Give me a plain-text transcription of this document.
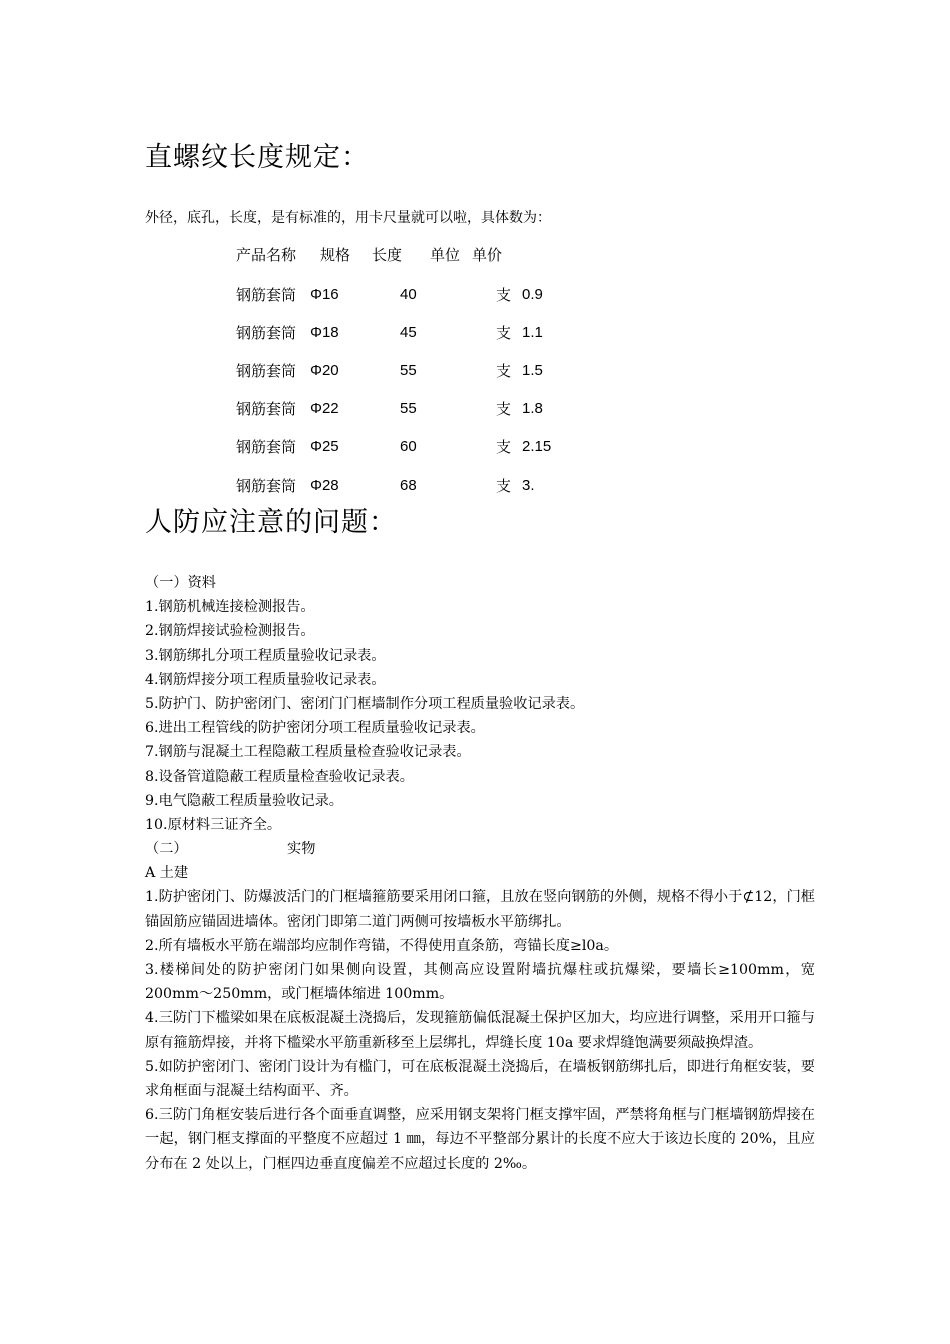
直螺纹长度规定：
外径，底孔，长度，是有标准的，用卡尺量就可以啦，具体数为：
产品名称 规格 长度 单位 单价
钢筋套筒 Φ16	40	支 0.9
钢筋套筒 Φ18	45	支 1.1
钢筋套筒 Φ20	55	支 1.5
钢筋套筒 Φ22	55	支 1.8
钢筋套筒 Φ25	60	支 2.15
钢筋套筒 Φ28	68	支 3.
人防应注意的问题：
（一）资料
1.钢筋机械连接检测报告。
2.钢筋焊接试验检测报告。
3.钢筋绑扎分项工程质量验收记录表。
4.钢筋焊接分项工程质量验收记录表。
5.防护门、防护密闭门、密闭门门框墙制作分项工程质量验收记录表。
6.进出工程管线的防护密闭分项工程质量验收记录表。
7.钢筋与混凝土工程隐蔽工程质量检查验收记录表。
8.设备管道隐蔽工程质量检查验收记录表。
9.电气隐蔽工程质量验收记录。
10.原材料三证齐全。
（二）	实物
A 土建
1.防护密闭门、防爆波活门的门框墙箍筋要采用闭口箍，且放在竖向钢筋的外侧，规格不得小于⊄12，门框锚固筋应锚固进墙体。密闭门即第二道门两侧可按墙板水平筋绑扎。
2.所有墙板水平筋在端部均应制作弯锚，不得使用直条筋，弯锚长度≥l0a。
3.楼梯间处的防护密闭门如果侧向设置，其侧高应设置附墙抗爆柱或抗爆梁，要墙长≥100mm，宽 200mm～250mm，或门框墙体缩进 100mm。
4.三防门下槛梁如果在底板混凝土浇捣后，发现箍筋偏低混凝土保护区加大，均应进行调整，采用开口箍与原有箍筋焊接，并将下槛梁水平筋重新移至上层绑扎，焊缝长度 10a 要求焊缝饱满要须敲换焊渣。
5.如防护密闭门、密闭门设计为有槛门，可在底板混凝土浇捣后，在墙板钢筋绑扎后，即进行角框安装，要求角框面与混凝土结构面平、齐。
6.三防门角框安装后进行各个面垂直调整，应采用钢支架将门框支撑牢固，严禁将角框与门框墙钢筋焊接在一起，钢门框支撑面的平整度不应超过 1 ㎜，每边不平整部分累计的长度不应大于该边长度的 20%，且应分布在 2 处以上，门框四边垂直度偏差不应超过长度的 2‰。
